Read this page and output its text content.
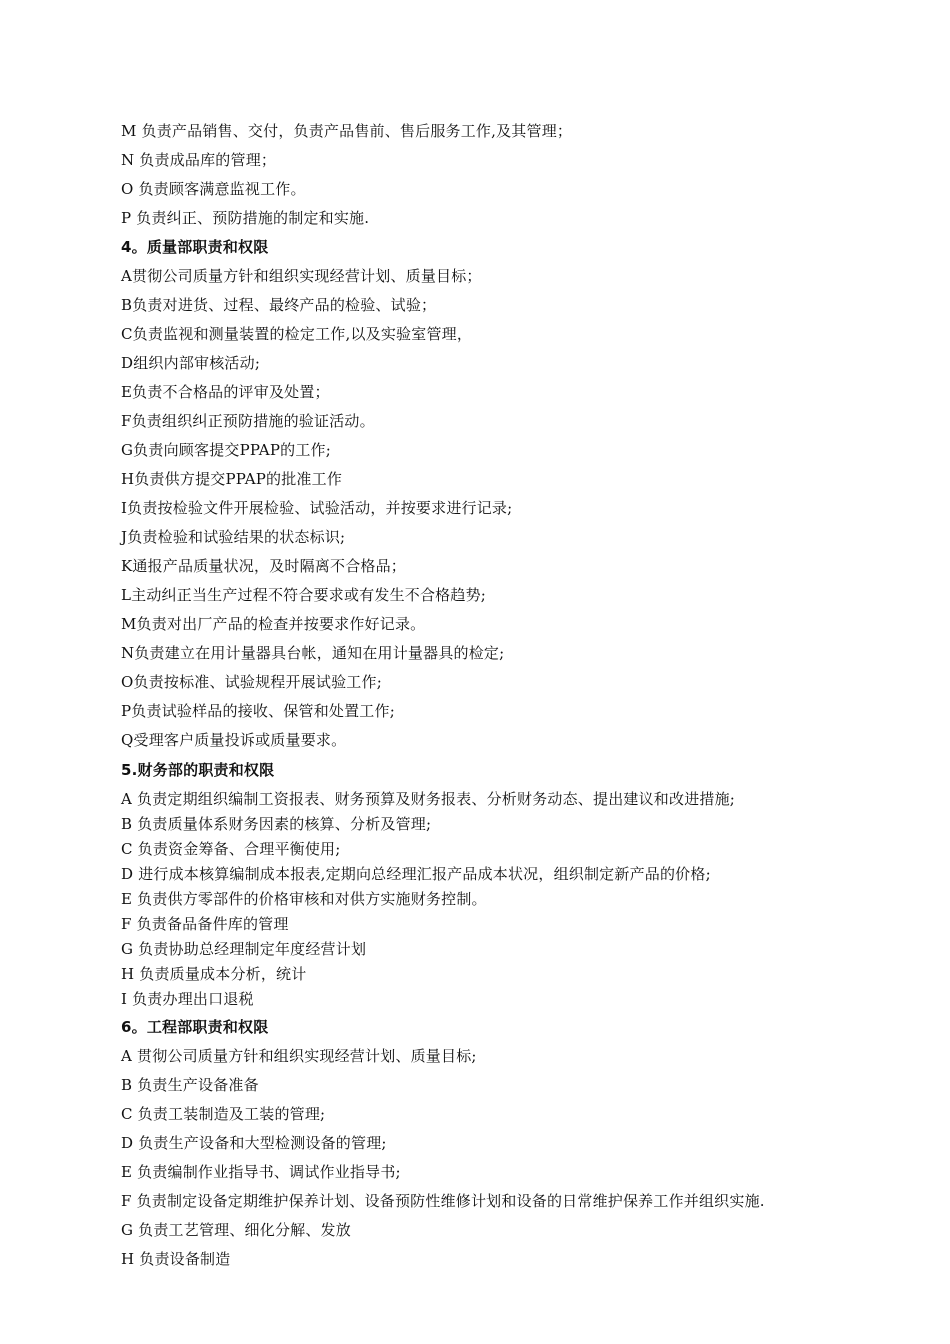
M 负责产品销售、交付，负责产品售前、售后服务工作,及其管理；
N 负责成品库的管理；
O 负责顾客满意监视工作。
P 负责纠正、预防措施的制定和实施.
4。质量部职责和权限
A贯彻公司质量方针和组织实现经营计划、质量目标；
B负责对进货、过程、最终产品的检验、试验；
C负责监视和测量装置的检定工作,以及实验室管理，
D组织内部审核活动;
E负责不合格品的评审及处置；
F负责组织纠正预防措施的验证活动。
G负责向顾客提交PPAP的工作;
H负责供方提交PPAP的批准工作
I负责按检验文件开展检验、试验活动，并按要求进行记录;
J负责检验和试验结果的状态标识;
K通报产品质量状况，及时隔离不合格品；
L主动纠正当生产过程不符合要求或有发生不合格趋势;
M负责对出厂产品的检查并按要求作好记录。
N负责建立在用计量器具台帐，通知在用计量器具的检定;
O负责按标准、试验规程开展试验工作;
P负责试验样品的接收、保管和处置工作;
Q受理客户质量投诉或质量要求。
5.财务部的职责和权限
A 负责定期组织编制工资报表、财务预算及财务报表、分析财务动态、提出建议和改进措施;
B 负责质量体系财务因素的核算、分析及管理;
C 负责资金筹备、合理平衡使用;
D 进行成本核算编制成本报表,定期向总经理汇报产品成本状况，组织制定新产品的价格;
E 负责供方零部件的价格审核和对供方实施财务控制。
F 负责备品备件库的管理
G 负责协助总经理制定年度经营计划
H 负责质量成本分析，统计
I 负责办理出口退税
6。工程部职责和权限
A 贯彻公司质量方针和组织实现经营计划、质量目标;
B 负责生产设备准备
C 负责工装制造及工装的管理;
D 负责生产设备和大型检测设备的管理;
E 负责编制作业指导书、调试作业指导书;
F 负责制定设备定期维护保养计划、设备预防性维修计划和设备的日常维护保养工作并组织实施.
G 负责工艺管理、细化分解、发放
H 负责设备制造
